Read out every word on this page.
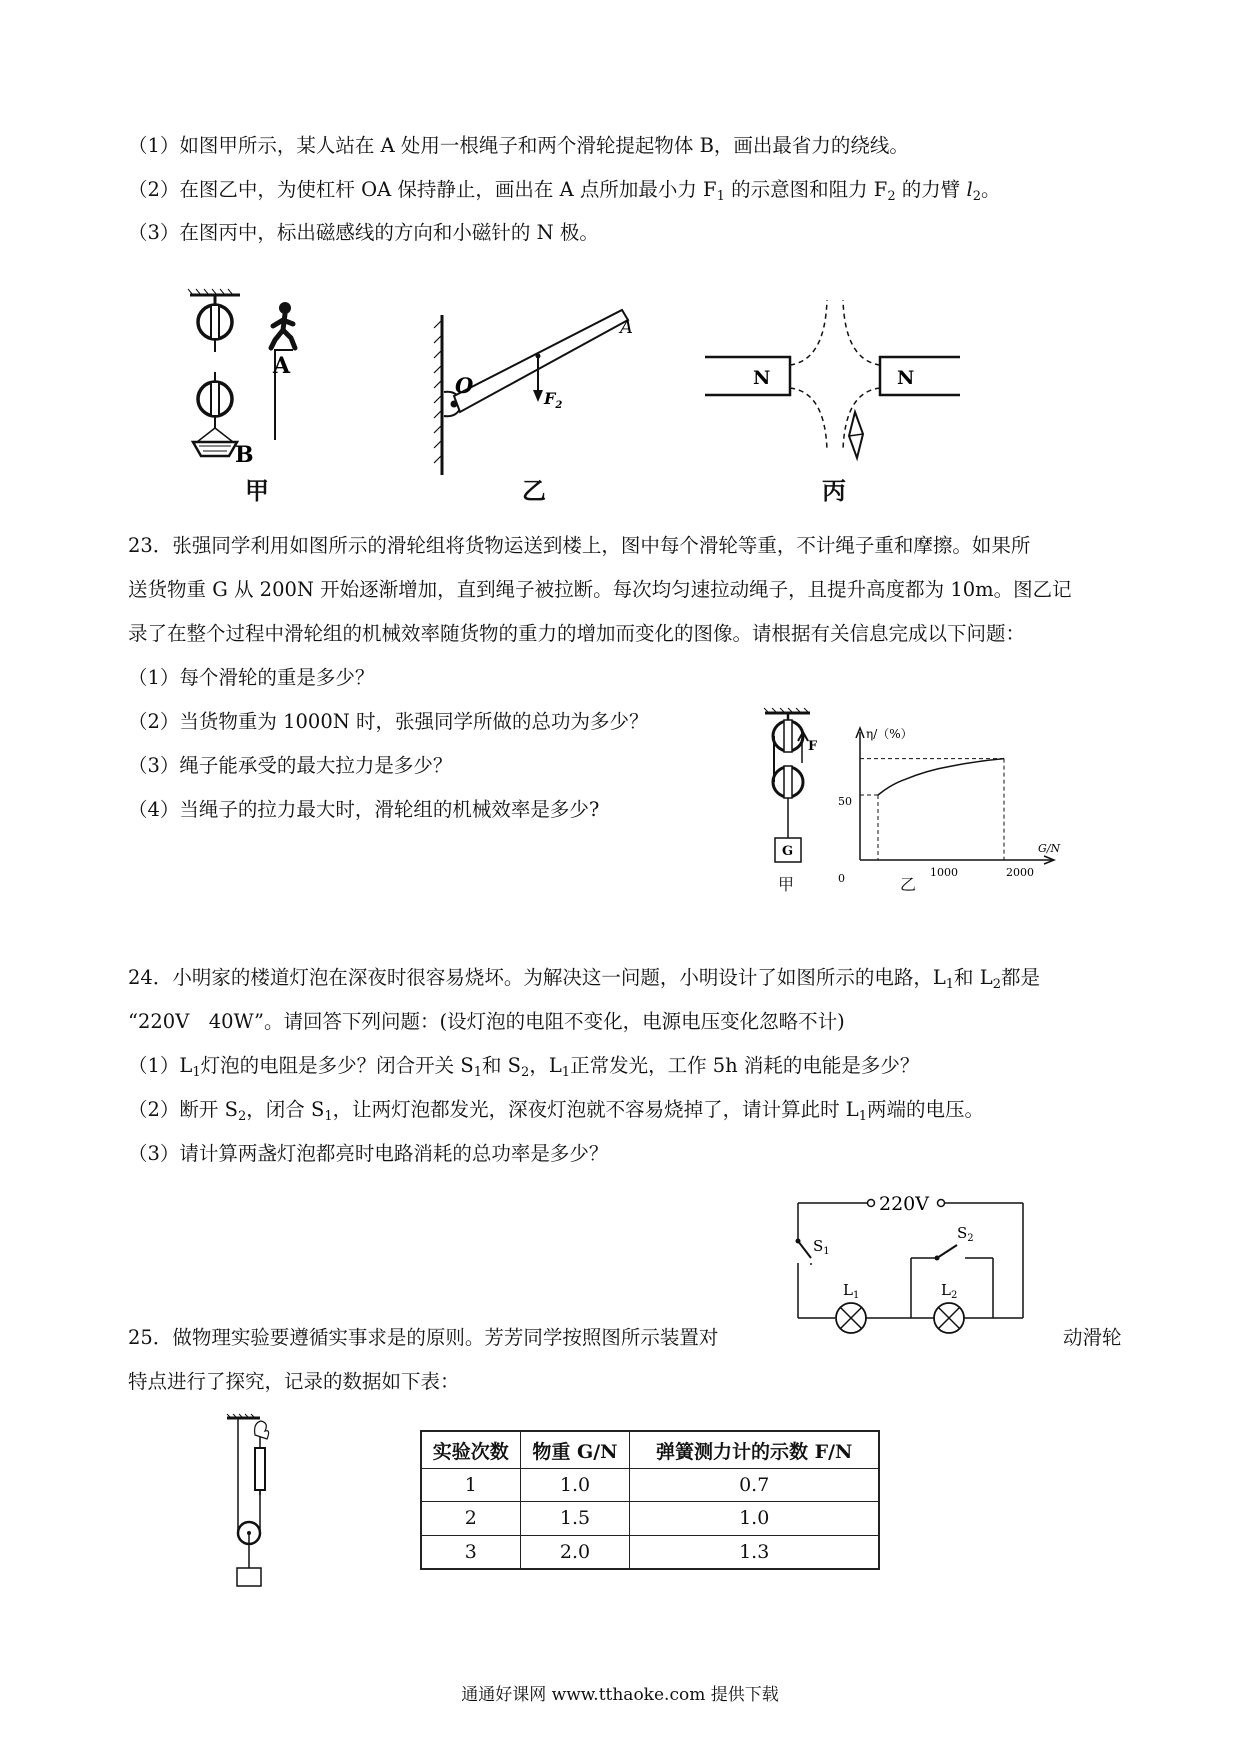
（1）如图甲所示，某人站在 A 处用一根绳子和两个滑轮提起物体 B，画出最省力的绕线。
（2）在图乙中，为使杠杆 OA 保持静止，画出在 A 点所加最小力 $F_1$ 的示意图和阻力 $F_2$ 的力臂 $l_2$。
（3）在图丙中，标出磁感线的方向和小磁针的 N 极。
B
A
甲
O
A
$F_2$
乙
N	N
丙
23．张强同学利用如图所示的滑轮组将货物运送到楼上，图中每个滑轮等重，不计绳子重和摩擦。如果所
送货物重 G 从 200N 开始逐渐增加，直到绳子被拉断。每次均匀速拉动绳子，且提升高度都为 10m。图乙记
录了在整个过程中滑轮组的机械效率随货物的重力的增加而变化的图像。请根据有关信息完成以下问题：
（1）每个滑轮的重是多少？
（2）当货物重为 1000N 时，张强同学所做的总功为多少？
（3）绳子能承受的最大拉力是多少？
（4）当绳子的拉力最大时，滑轮组的机械效率是多少?
F
G
甲
η/（%）
G/N
0	1000	2000
50
乙
24．小明家的楼道灯泡在深夜时很容易烧坏。为解决这一问题，小明设计了如图所示的电路，$L_1$和 $L_2$都是
“220V　40W”。请回答下列问题：(设灯泡的电阻不变化，电源电压变化忽略不计)
$(1)L_1$灯泡的电阻是多少？闭合开关 $S_1$和 $S_2$，$L_1$正常发光，工作 5h 消耗的电能是多少？
（2）断开 $S_2$，闭合 $S_1$，让两灯泡都发光，深夜灯泡就不容易烧掉了，请计算此时 $L_1$两端的电压。
（3）请计算两盏灯泡都亮时电路消耗的总功率是多少？
220V
$S_1$
$L_1$	$L_2$
$S_2$
25．做物理实验要遵循实事求是的原则。芳芳同学按照图所示装置对	动滑轮
特点进行了探究，记录的数据如下表：
实验次数	物重 G/N	弹簧测力计的示数 F/N
1	1.0	0.7
2	1.5	1.0
3	2.0	1.3
通通好课网 www.tthaoke.com 提供下载
